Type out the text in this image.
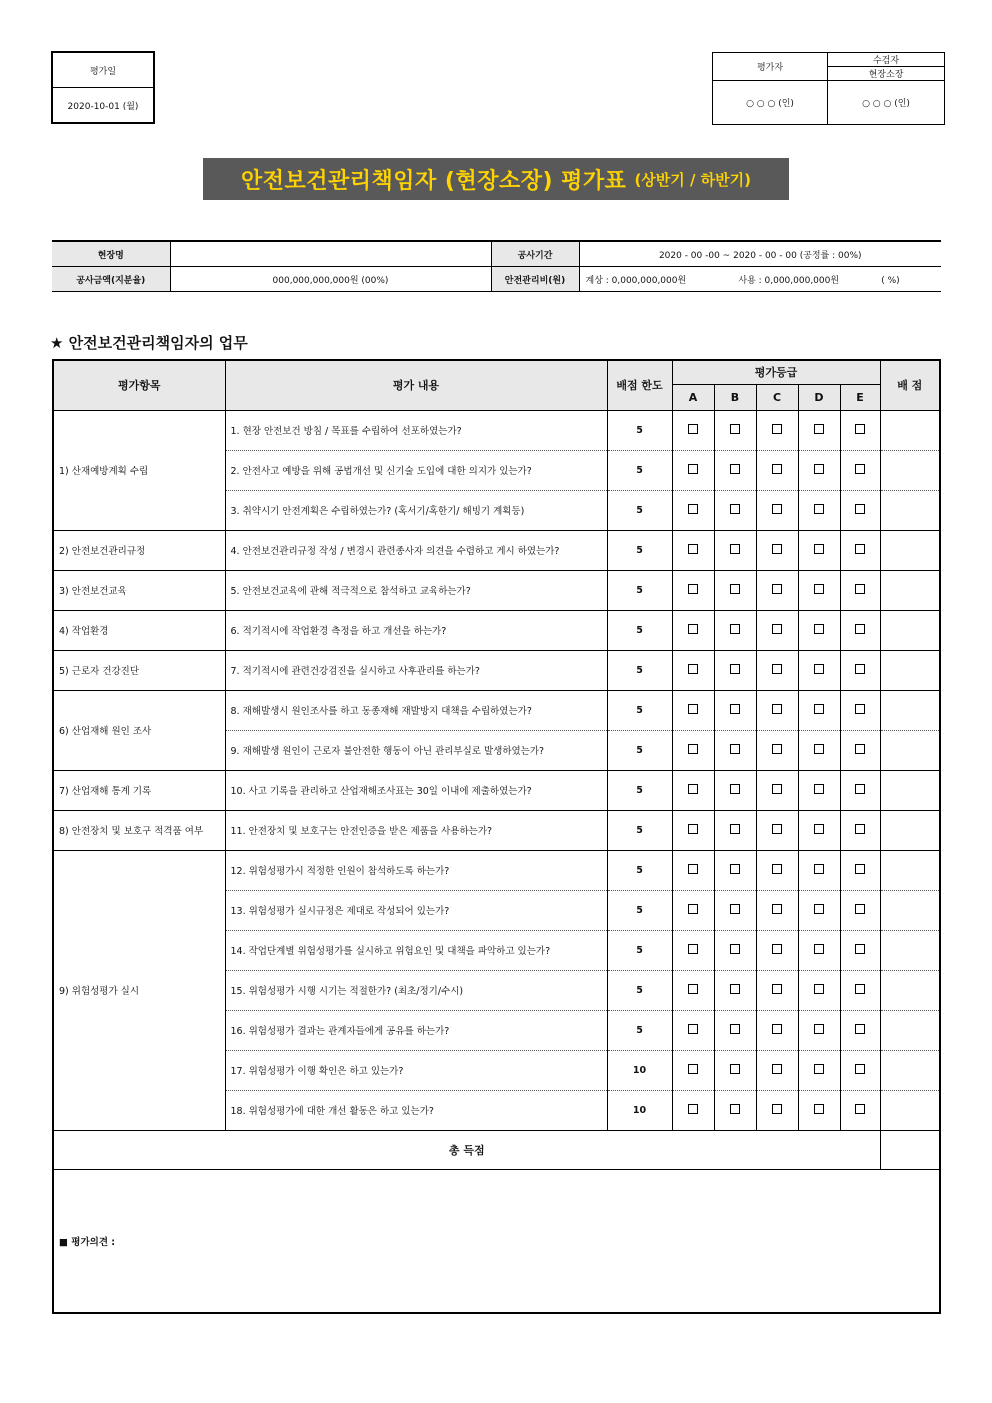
평가일
2020-10-01 (월)
평가자	수검자
	현장소장
○ ○ ○ (인)	○ ○ ○ (인)
안전보건관리책임자 (현장소장) 평가표 (상반기 / 하반기)
현장명		공사기간	2020 - 00 -00 ~ 2020 - 00 - 00 (공정률 : 00%)
공사금액(지분율)	000,000,000,000원 (00%)	안전관리비(원)	계상 : 0,000,000,000원 사용 : 0,000,000,000원 ( %)
★ 안전보건관리책임자의 업무
평가항목	평가 내용	배점 한도	평가등급					배 점
			A	B	C	D	E	
1) 산재예방계획 수립	1. 현장 안전보건 방침 / 목표를 수립하여 선포하였는가?	5						
	2. 안전사고 예방을 위해 공법개선 및 신기술 도입에 대한 의지가 있는가?	5						
	3. 취약시기 안전계획은 수립하였는가? (혹서기/혹한기/ 해빙기 계획등)	5						
2) 안전보건관리규정	4. 안전보건관리규정 작성 / 변경시 관련종사자 의견을 수렴하고 게시 하였는가?	5						
3) 안전보건교육	5. 안전보건교육에 관해 적극적으로 참석하고 교육하는가?	5						
4) 작업환경	6. 적기적시에 작업환경 측정을 하고 개선을 하는가?	5						
5) 근로자 건강진단	7. 적기적시에 관련건강검진을 실시하고 사후관리를 하는가?	5						
6) 산업재해 원인 조사	8. 재해발생시 원인조사를 하고 동종재해 재발방지 대책을 수립하였는가?	5						
	9. 재해발생 원인이 근로자 불안전한 행동이 아닌 관리부실로 발생하였는가?	5						
7) 산업재해 통계 기록	10. 사고 기록을 관리하고 산업재해조사표는 30일 이내에 제출하였는가?	5						
8) 안전장치 및 보호구 적격품 여부	11. 안전장치 및 보호구는 안전인증을 받은 제품을 사용하는가?	5						
9) 위험성평가 실시	12. 위험성평가시 적정한 인원이 참석하도록 하는가?	5						
	13. 위험성평가 실시규정은 제대로 작성되어 있는가?	5						
	14. 작업단계별 위험성평가를 실시하고 위험요인 및 대책을 파악하고 있는가?	5						
	15. 위험성평가 시행 시기는 적절한가? (최초/정기/수시)	5						
	16. 위험성평가 결과는 관계자들에게 공유를 하는가?	5						
	17. 위험성평가 이행 확인은 하고 있는가?	10						
	18. 위험성평가에 대한 개선 활동은 하고 있는가?	10						
총 득점								
■ 평가의견 :								
